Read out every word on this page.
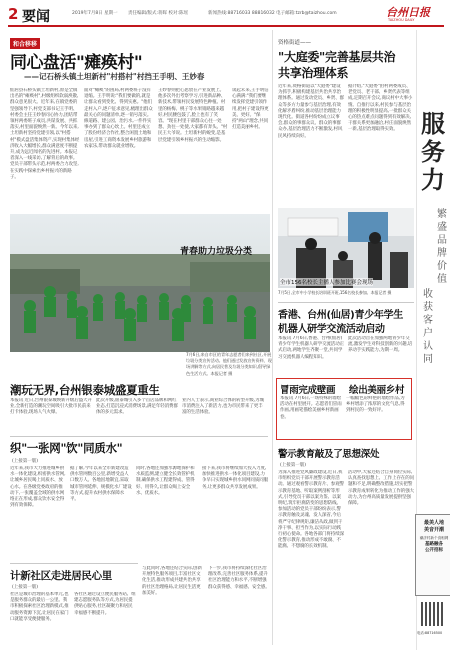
2 要闻	2019年7月8日 星期一 责任编辑/版式:蒋晖 校对:陈瑶	新闻热线:88716033 88816032 电子邮箱:tzrb@taizhou.com	台州日报
TAIZHOU DAILY
和合移移
同心盘活"瘫痪村"
——记石桥头镇土坦新村"村搭村"村挡王手明、王妙春
仙居县石桥头镇土坦新村,原是全镇出名的"瘫痪村",村级组织软弱涣散,群众意见很大。近年来,在镇党委的坚强领导下,村党支部书记王手明、村委会主任王妙春同心协力,团结带领村两委班子成员,共谋发展、共抓落实,村里面貌焕然一新。今年以来,土坦新村坚持党建引领,以"村搭村"模式盘活集体资产,实现村集体经济收入大幅增长,群众满意度不断提升,成为远近闻名的先进村。本报记者深入一线采访,了解背后的故事。党员干部带头示范,村两委合力攻坚,在实践中探索出乡村振兴的新路子。
面对"瘫痪"的困局,村两委班子没有退缩。王手明说:"我们要做的,就是让群众看到变化、得到实惠。"他们走村入户,逐户征求意见,梳理出群众最关心的问题清单,逐一销号落实。修道路、建公园、治污水,一件件实事办到了群众心坎上。村里还成立了股份经济合作社,整合闲置土地和房屋,引进工商资本发展乡村旅游和农家乐,带动群众就业增收。
王妙春则把心思放在产业发展上。他多次外出考察学习,引进新品种、新技术,带领村民发展特色种植。村里的杨梅、桃子等水果销路越来越好,村民腰包鼓了,脸上也有了笑容。"现在村里干部群众心往一处想、劲往一处使,大家都有奔头。"村民王大爷说。土坦新村的蜕变,是基层党建引领乡村振兴的生动缩影。
谈起未来,王手明信心满满:"我们要继续发挥党建引领作用,把村子建设得更美、更好。"保持"两山"理念,共同打造美丽乡村。
青春助力垃圾分类
7月6日,来自市区的青年志愿者们来到社区,开展垃圾分类宣传活动。他们通过发放宣传资料、现场讲解等方式,向居民普及垃圾分类知识,倡导绿色生活方式。本报记者 摄
潮玩无界,台州银泰城盛夏重生
本报讯 近日,台州银泰城焕新升级后盛大开业,全新打造的潮玩空间吸引大批市民前来打卡体验,现场人气火爆。
此次升级,银泰城引入多个首店品牌和网红业态,打造沉浸式消费场景,满足年轻消费群体的多元需求。
业内人士表示,商业综合体的转型升级,为城市消费注入了新活力,也为市民带来了更丰富的生活体验。
织"一张网"饮"同质水"
(上接第一版)
近年来,我市大力推进城乡供水一体化建设,织密供水管网,让城乡居民喝上同质水、放心水。在各级党委政府的推动下,一张覆盖全域的供水网络正在形成,群众饮水安全得到有效保障。
据了解,今年以来全市新建改造供水管网数百公里,新增受益人口数万人。各地因地制宜,采取城市管网延伸、规模化水厂建设等方式,提升农村供水保障水平。
同时,各地还加强水源地保护和水质监测,建立健全长效管护机制,确保供水工程建得成、管得好、用得久,让群众喝上安全水、优质水。
接下来,我市将继续加大投入力度,加快推进供水一体化项目建设,力争早日实现城乡供水同网同质同服务,让更多群众共享发展成果。
计新社区走进居民心里
(上接第一版)
社区是城市治理的基本单元,也是服务群众的最后一公里。我市积极探索社区治理新模式,推动服务资源下沉,让居民在家门口就能享受便捷服务。
各社区通过设立便民服务站、组建志愿服务队等方式,为居民提供贴心服务,社区凝聚力和居民幸福感不断提升。
与此同时,各地还结合实际,创新开展特色服务项目,丰富社区文化生活,推动形成共建共治共享的社区治理格局,让居民生活更加美好。
下一步,我市将持续深化社区治理改革,完善社区服务体系,提升社区治理能力和水平,不断增强群众获得感、幸福感、安全感。
资格街道——
"大庭委"完善基层共治
共享治理体系
近年来,资格街道以"大庭委"建设为抓手,积极构建基层共治共享治理体系。通过发动党员、乡贤、群众等多方力量参与基层治理,有效化解矛盾纠纷,推动基层治理能力现代化。街道各村纷纷成立议事会,群众的事群众议、群众的事群众办,基层治理活力不断激发,村风民风持续向好。
据介绍,"大庭委"由村两委成员、老党员、老干部、乡贤代表等组成,定期召开会议,商议村中大事小情。自推行以来,村民参与基层治理的积极性明显提高,一批群众关心的热点难点问题得到有效解决,干群关系更加融洽,村庄面貌焕然一新,基层治理取得实效。
全市156名校长主播人参加比赛会现场
7月5日,全市中小学校长培训班开班,156名校长参加。本报记者 摄
香港、台州(仙居)青少年学生
机器人研学交流活动启动
本报讯 7月6日,香港、台州(仙居)青少年学生机器人研学交流活动正式启动,两地学生齐聚一堂,共同学习交流机器人编程知识。
此次活动旨在加强两地青少年交流,激发学生对科技创新的兴趣,培养动手实践能力,为期一周。
冒雨完成壁画 绘出美丽乡村
本报讯 7月6日,一场特殊的墙绘活动在村里展开。志愿者们冒雨作画,用画笔描绘美丽乡村新画卷。
一幅幅色彩鲜艳的墙绘作品,为乡村增添了浓厚的文化气息,得到村民的一致好评。
警示教育敲及了思想深处
(上接第一版)
为深入推进党风廉政建设,近日,我市组织党员干部开展警示教育活动。通过观看警示教育片、参观警示教育基地、听取案例剖析等形式,引导党员干部以案为鉴、以案明纪,筑牢拒腐防变的思想防线。参加活动的党员干部纷纷表示,警示教育触及灵魂、发人深省,今后将严守纪律规矩,廉洁从政,做到干净干事、担当作为,以实际行动践行初心使命。各地各部门将持续深化警示教育,推动形成不敢腐、不能腐、不想腐的长效机制。
活动中,大家还结合自身岗位实际,认真查找思想上、工作上存在的问题和不足,明确整改措施,切实把警示教育成果转化为推动工作的强大动力,为台州高质量发展提供坚强保障。
服
务
力
繁
盛
品
牌
价
值
收
获
客
户
认
同
最美人地
美音开潮
潮济村新个食相网
基路融各
公开招标
电话:88716500
